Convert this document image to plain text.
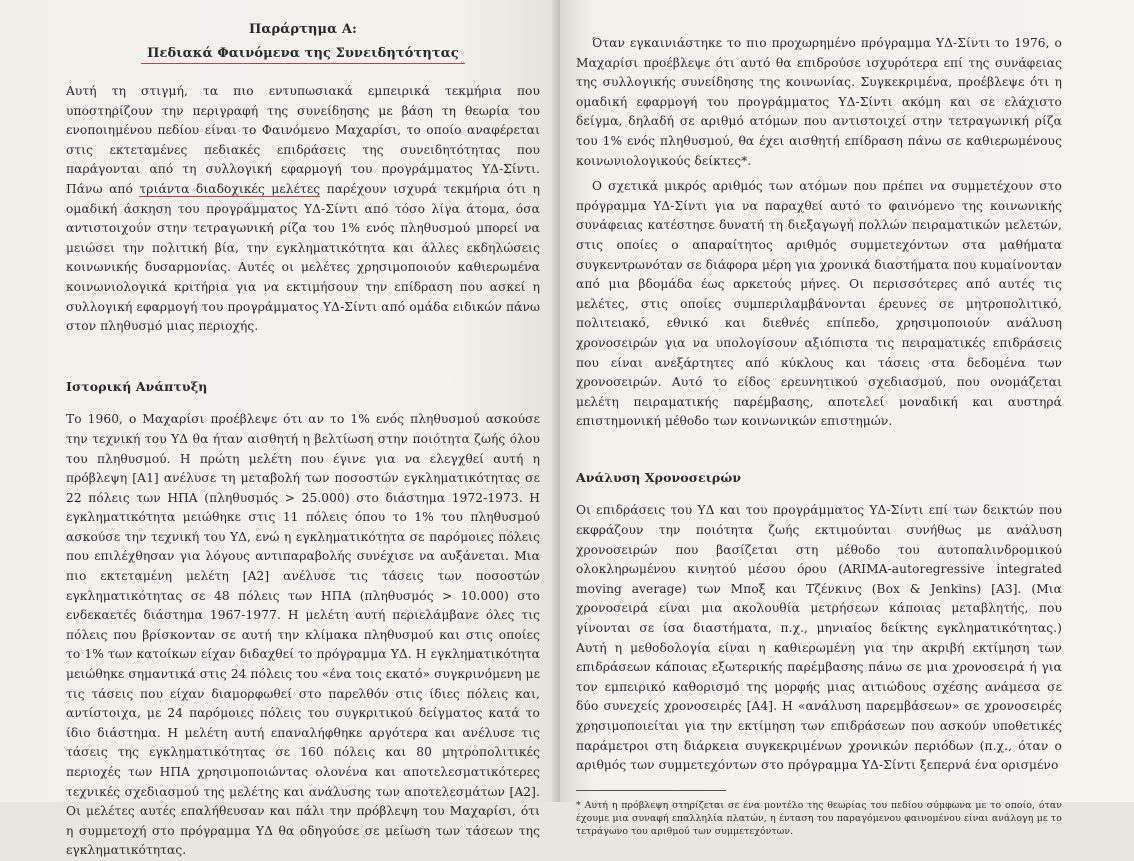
Παράρτημα Α:
Πεδιακά Φαινόμενα της Συνειδητότητας

Αυτή τη στιγμή, τα πιο εντυπωσιακά εμπειρικά τεκμήρια που υποστηρίζουν την περιγραφή της συνείδησης με βάση τη θεωρία του ενοποιημένου πεδίου είναι το Φαινόμενο Μαχαρίσι, το οποίο αναφέρεται στις εκτεταμένες πεδιακές επιδράσεις της συνειδητότητας που παράγονται από τη συλλογική εφαρμογή του προγράμματος ΥΔ-Σίντι. Πάνω από τριάντα διαδοχικές μελέτες παρέχουν ισχυρά τεκμήρια ότι η ομαδική άσκηση του προγράμματος ΥΔ-Σίντι από τόσο λίγα άτομα, όσα αντιστοιχούν στην τετραγωνική ρίζα του 1% ενός πληθυσμού μπορεί να μειώσει την πολιτική βία, την εγκληματικότητα και άλλες εκδηλώσεις κοινωνικής δυσαρμονίας. Αυτές οι μελέτες χρησιμοποιούν καθιερωμένα κοινωνιολογικά κριτήρια για να εκτιμήσουν την επίδραση που ασκεί η συλλογική εφαρμογή του προγράμματος ΥΔ-Σίντι από ομάδα ειδικών πάνω στον πληθυσμό μιας περιοχής.

Ιστορική Ανάπτυξη

Το 1960, ο Μαχαρίσι προέβλεψε ότι αν το 1% ενός πληθυσμού ασκούσε την τεχνική του ΥΔ θα ήταν αισθητή η βελτίωση στην ποιότητα ζωής όλου του πληθυσμού. Η πρώτη μελέτη που έγινε για να ελεγχθεί αυτή η πρόβλεψη [Α1] ανέλυσε τη μεταβολή των ποσοστών εγκληματικότητας σε 22 πόλεις των ΗΠΑ (πληθυσμός > 25.000) στο διάστημα 1972-1973. Η εγκληματικότητα μειώθηκε στις 11 πόλεις όπου το 1% του πληθυσμού ασκούσε την τεχνική του ΥΔ, ενώ η εγκληματικότητα σε παρόμοιες πόλεις που επιλέχθησαν για λόγους αντιπαραβολής συνέχισε να αυξάνεται. Μια πιο εκτεταμένη μελέτη [Α2] ανέλυσε τις τάσεις των ποσοστών εγκληματικότητας σε 48 πόλεις των ΗΠΑ (πληθυσμός > 10.000) στο ενδεκαετές διάστημα 1967-1977. Η μελέτη αυτή περιελάμβανε όλες τις πόλεις που βρίσκονταν σε αυτή την κλίμακα πληθυσμού και στις οποίες το 1% των κατοίκων είχαν διδαχθεί το πρόγραμμα ΥΔ. Η εγκληματικότητα μειώθηκε σημαντικά στις 24 πόλεις του «ένα τοις εκατό» συγκρινόμενη με τις τάσεις που είχαν διαμορφωθεί στο παρελθόν στις ίδιες πόλεις και, αντίστοιχα, με 24 παρόμοιες πόλεις του συγκριτικού δείγματος κατά το ίδιο διάστημα. Η μελέτη αυτή επαναλήφθηκε αργότερα και ανέλυσε τις τάσεις της εγκληματικότητας σε 160 πόλεις και 80 μητροπολιτικές περιοχές των ΗΠΑ χρησιμοποιώντας ολονένα και αποτελεσματικότερες τεχνικές σχεδιασμού της μελέτης και ανάλυσης των αποτελεσμάτων [Α2]. Οι μελέτες αυτές επαλήθευσαν και πάλι την πρόβλεψη του Μαχαρίσι, ότι η συμμετοχή στο πρόγραμμα ΥΔ θα οδηγούσε σε μείωση των τάσεων της εγκληματικότητας.

Όταν εγκαινιάστηκε το πιο προχωρημένο πρόγραμμα ΥΔ-Σίντι το 1976, ο Μαχαρίσι προέβλεψε ότι αυτό θα επιδρούσε ισχυρότερα επί της συνάφειας της συλλογικής συνείδησης της κοινωνίας. Συγκεκριμένα, προέβλεψε ότι η ομαδική εφαρμογή του προγράμματος ΥΔ-Σίντι ακόμη και σε ελάχιστο δείγμα, δηλαδή σε αριθμό ατόμων που αντιστοιχεί στην τετραγωνική ρίζα του 1% ενός πληθυσμού, θα έχει αισθητή επίδραση πάνω σε καθιερωμένους κοινωνιολογικούς δείκτες*.

Ο σχετικά μικρός αριθμός των ατόμων που πρέπει να συμμετέχουν στο πρόγραμμα ΥΔ-Σίντι για να παραχθεί αυτό το φαινόμενο της κοινωνικής συνάφειας κατέστησε δυνατή τη διεξαγωγή πολλών πειραματικών μελετών, στις οποίες ο απαραίτητος αριθμός συμμετεχόντων στα μαθήματα συγκεντρωνόταν σε διάφορα μέρη για χρονικά διαστήματα που κυμαίνονταν από μια βδομάδα έως αρκετούς μήνες. Οι περισσότερες από αυτές τις μελέτες, στις οποίες συμπεριλαμβάνονται έρευνες σε μητροπολιτικό, πολιτειακό, εθνικό και διεθνές επίπεδο, χρησιμοποιούν ανάλυση χρονοσειρών για να υπολογίσουν αξιόπιστα τις πειραματικές επιδράσεις που είναι ανεξάρτητες από κύκλους και τάσεις στα δεδομένα των χρονοσειρών. Αυτό το είδος ερευνητικού σχεδιασμού, που ονομάζεται μελέτη πειραματικής παρέμβασης, αποτελεί μοναδική και αυστηρά επιστημονική μέθοδο των κοινωνικών επιστημών.

Ανάλυση Χρονοσειρών

Οι επιδράσεις του ΥΔ και του προγράμματος ΥΔ-Σίντι επί των δεικτών που εκφράζουν την ποιότητα ζωής εκτιμούνται συνήθως με ανάλυση χρονοσειρών που βασίζεται στη μέθοδο του αυτοπαλινδρομικού ολοκληρωμένου κινητού μέσου όρου (ARIMA-autoregressive integrated moving average) των Μποξ και Τζένκινς (Box & Jenkins) [Α3]. (Μια χρονοσειρά είναι μια ακολουθία μετρήσεων κάποιας μεταβλητής, που γίνονται σε ίσα διαστήματα, π.χ., μηνιαίος δείκτης εγκληματικότητας.) Αυτή η μεθοδολογία είναι η καθιερωμένη για την ακριβή εκτίμηση των επιδράσεων κάποιας εξωτερικής παρέμβασης πάνω σε μια χρονοσειρά ή για τον εμπειρικό καθορισμό της μορφής μιας αιτιώδους σχέσης ανάμεσα σε δύο συνεχείς χρονοσειρές [Α4]. Η «ανάλυση παρεμβάσεων» σε χρονοσειρές χρησιμοποιείται για την εκτίμηση των επιδράσεων που ασκούν υποθετικές παράμετροι στη διάρκεια συγκεκριμένων χρονικών περιόδων (π.χ., όταν ο αριθμός των συμμετεχόντων στο πρόγραμμα ΥΔ-Σίντι ξεπερνά ένα ορισμένο

* Αυτή η πρόβλεψη στηρίζεται σε ένα μοντέλο της θεωρίας του πεδίου σύμφωνα με το οποίο, όταν έχουμε μια συναφή επαλληλία πλατών, η ένταση του παραγόμενου φαινομένου είναι ανάλογη με το τετράγωνο του αριθμού των συμμετεχόντων.
